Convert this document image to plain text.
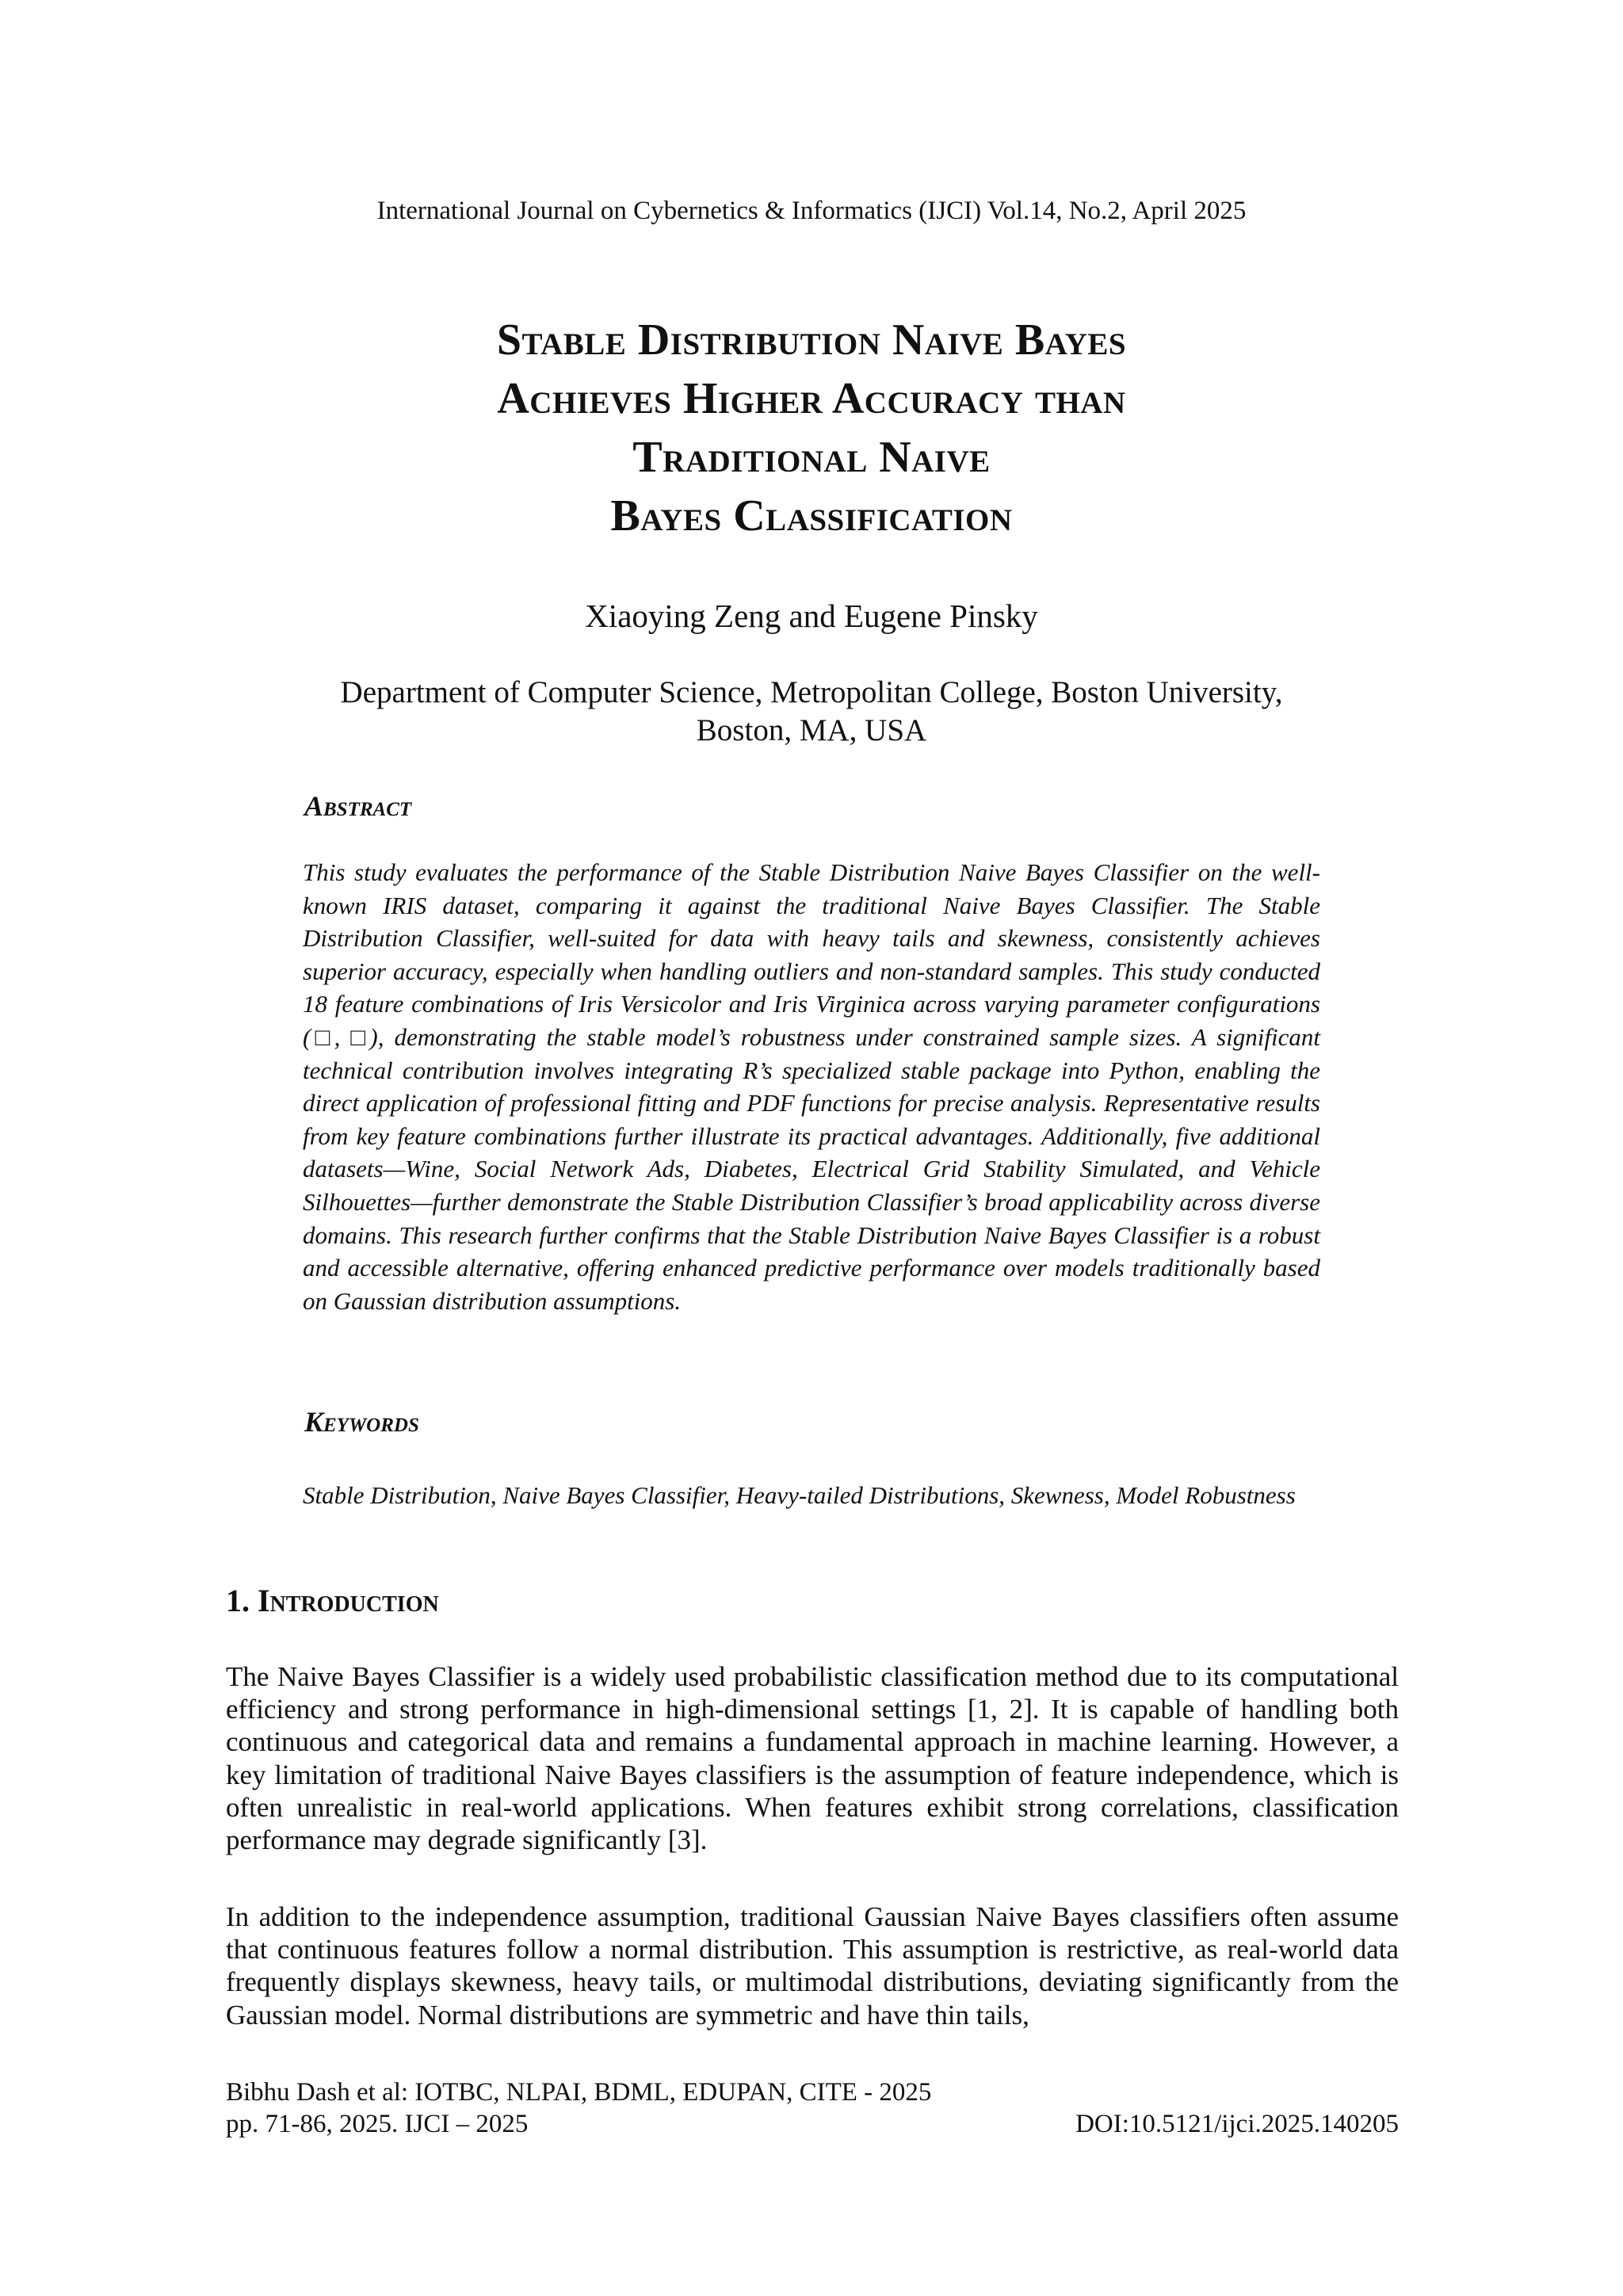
International Journal on Cybernetics & Informatics (IJCI) Vol.14, No.2, April 2025
Stable Distribution Naive Bayes
Achieves Higher Accuracy than
Traditional Naive
Bayes Classification
Xiaoying Zeng and Eugene Pinsky
Department of Computer Science, Metropolitan College, Boston University,
Boston, MA, USA
Abstract
This study evaluates the performance of the Stable Distribution Naive Bayes Classifier on the well-known IRIS dataset, comparing it against the traditional Naive Bayes Classifier. The Stable Distribution Classifier, well-suited for data with heavy tails and skewness, consistently achieves superior accuracy, especially when handling outliers and non-standard samples. This study conducted 18 feature combinations of Iris Versicolor and Iris Virginica across varying parameter configurations (□, □), demonstrating the stable model’s robustness under constrained sample sizes. A significant technical contribution involves integrating R’s specialized stable package into Python, enabling the direct application of professional fitting and PDF functions for precise analysis. Representative results from key feature combinations further illustrate its practical advantages. Additionally, five additional datasets—Wine, Social Network Ads, Diabetes, Electrical Grid Stability Simulated, and Vehicle Silhouettes—further demonstrate the Stable Distribution Classifier’s broad applicability across diverse domains. This research further confirms that the Stable Distribution Naive Bayes Classifier is a robust and accessible alternative, offering enhanced predictive performance over models traditionally based on Gaussian distribution assumptions.
Keywords
Stable Distribution, Naive Bayes Classifier, Heavy-tailed Distributions, Skewness, Model Robustness
1. Introduction
The Naive Bayes Classifier is a widely used probabilistic classification method due to its computational efficiency and strong performance in high-dimensional settings [1, 2]. It is capable of handling both continuous and categorical data and remains a fundamental approach in machine learning. However, a key limitation of traditional Naive Bayes classifiers is the assumption of feature independence, which is often unrealistic in real-world applications. When features exhibit strong correlations, classification performance may degrade significantly [3].
In addition to the independence assumption, traditional Gaussian Naive Bayes classifiers often assume that continuous features follow a normal distribution. This assumption is restrictive, as real-world data frequently displays skewness, heavy tails, or multimodal distributions, deviating significantly from the Gaussian model. Normal distributions are symmetric and have thin tails,
Bibhu Dash et al: IOTBC, NLPAI, BDML, EDUPAN, CITE - 2025
pp. 71-86, 2025. IJCI – 2025	DOI:10.5121/ijci.2025.140205
